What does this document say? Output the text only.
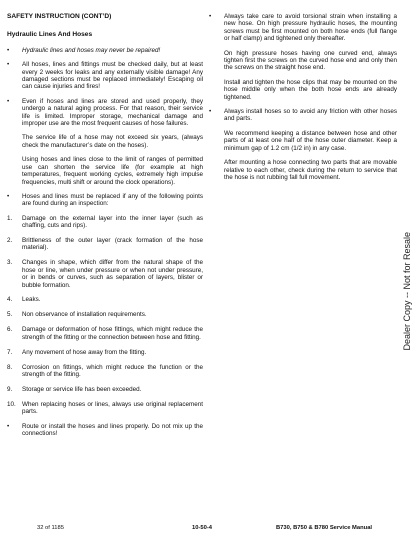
SAFETY INSTRUCTION (CONT’D)
Hydraulic Lines And Hoses
•	Hydraulic lines and hoses may never be repaired!
•	All hoses, lines and fittings must be checked daily, but at least every 2 weeks for leaks and any externally visible damage! Any damaged sections must be replaced immediately! Escaping oil can cause injuries and fires!
•	Even if hoses and lines are stored and used properly, they undergo a natural aging process. For that reason, their service life is limited. Improper storage, mechanical damage and improper use are the most frequent causes of hose failures.
The service life of a hose may not exceed six years, (always check the manufacturer’s date on the hoses).
Using hoses and lines close to the limit of ranges of permitted use can shorten the service life (for example at high temperatures, frequent working cycles, extremely high impulse frequencies, multi shift or around the clock operations).
•	Hoses and lines must be replaced if any of the following points are found during an inspection:
1. Damage on the external layer into the inner layer (such as chaffing, cuts and rips).
2. Brittleness of the outer layer (crack formation of the hose material).
3. Changes in shape, which differ from the natural shape of the hose or line, when under pressure or when not under pressure, or in bends or curves, such as separation of layers, blister or bubble formation.
4. Leaks.
5. Non observance of installation requirements.
6. Damage or deformation of hose fittings, which might reduce the strength of the fitting or the connection between hose and fitting.
7. Any movement of hose away from the fitting.
8. Corrosion on fittings, which might reduce the function or the strength of the fitting.
9. Storage or service life has been exceeded.
10. When replacing hoses or lines, always use original replacement parts.
•	Route or install the hoses and lines properly. Do not mix up the connections!
•	Always take care to avoid torsional strain when installing a new hose. On high pressure hydraulic hoses, the mounting screws must be first mounted on both hose ends (full flange or half clamp) and tightened only thereafter.
On high pressure hoses having one curved end, always tighten first the screws on the curved hose end and only then the screws on the straight hose end.
Install and tighten the hose clips that may be mounted on the hose middle only when the both hose ends are already tightened.
•	Always install hoses so to avoid any friction with other hoses and parts.
We recommend keeping a distance between hose and other parts of at least one half of the hose outer diameter. Keep a minimum gap of 1.2 cm (1/2 in) in any case.
After mounting a hose connecting two parts that are movable relative to each other, check during the return to service that the hose is not rubbing fall full movement.
Dealer Copy -- Not for Resale
32 of 1185	10-50-4	B730, B750 & B780 Service Manual
